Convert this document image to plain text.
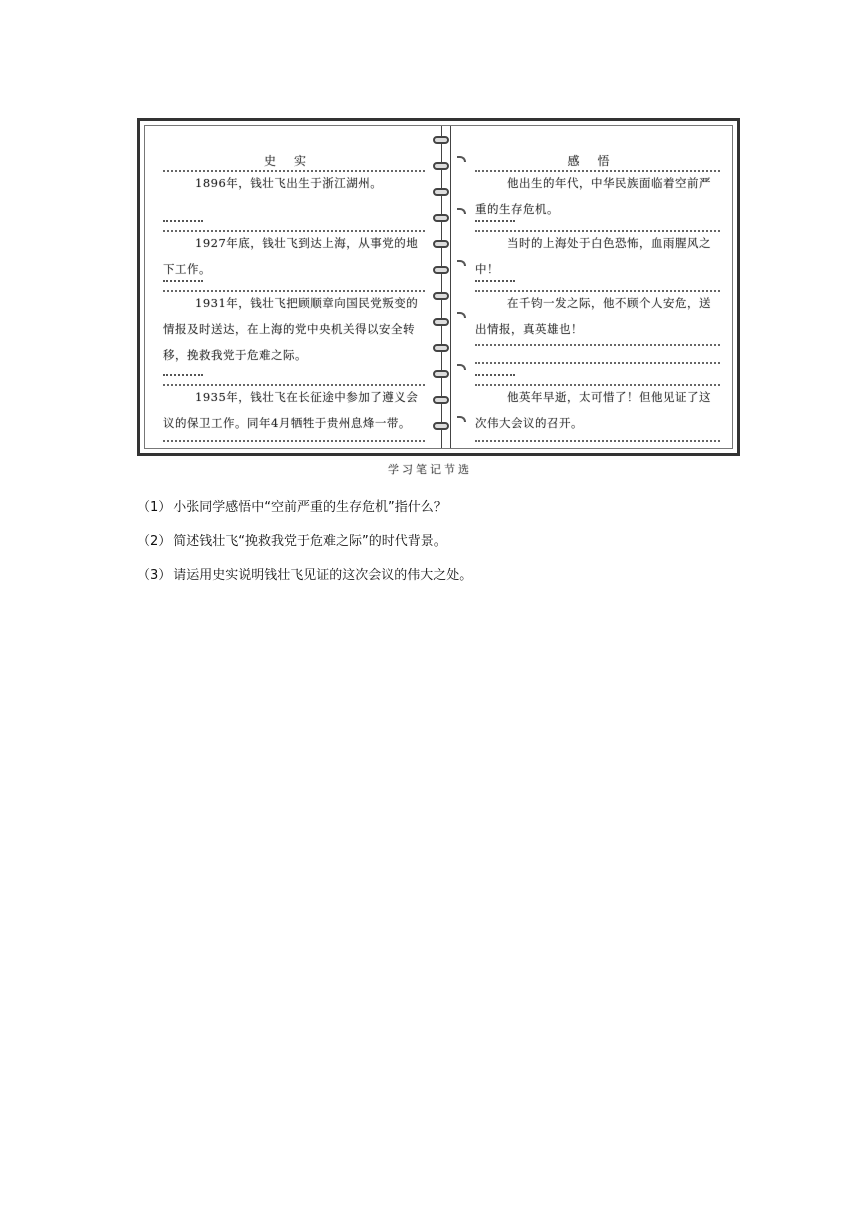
史实
1896年，钱壮飞出生于浙江湖州。
1927年底，钱壮飞到达上海，从事党的地下工作。
1931年，钱壮飞把顾顺章向国民党叛变的情报及时送达，在上海的党中央机关得以安全转移，挽救我党于危难之际。
1935年，钱壮飞在长征途中参加了遵义会议的保卫工作。同年4月牺牲于贵州息烽一带。
感悟
他出生的年代，中华民族面临着空前严重的生存危机。
当时的上海处于白色恐怖，血雨腥风之中！
在千钧一发之际，他不顾个人安危，送出情报，真英雄也！
他英年早逝，太可惜了！但他见证了这次伟大会议的召开。
学习笔记节选
（1） 小张同学感悟中“空前严重的生存危机”指什么？
（2） 简述钱壮飞“挽救我党于危难之际”的时代背景。
（3） 请运用史实说明钱壮飞见证的这次会议的伟大之处。
